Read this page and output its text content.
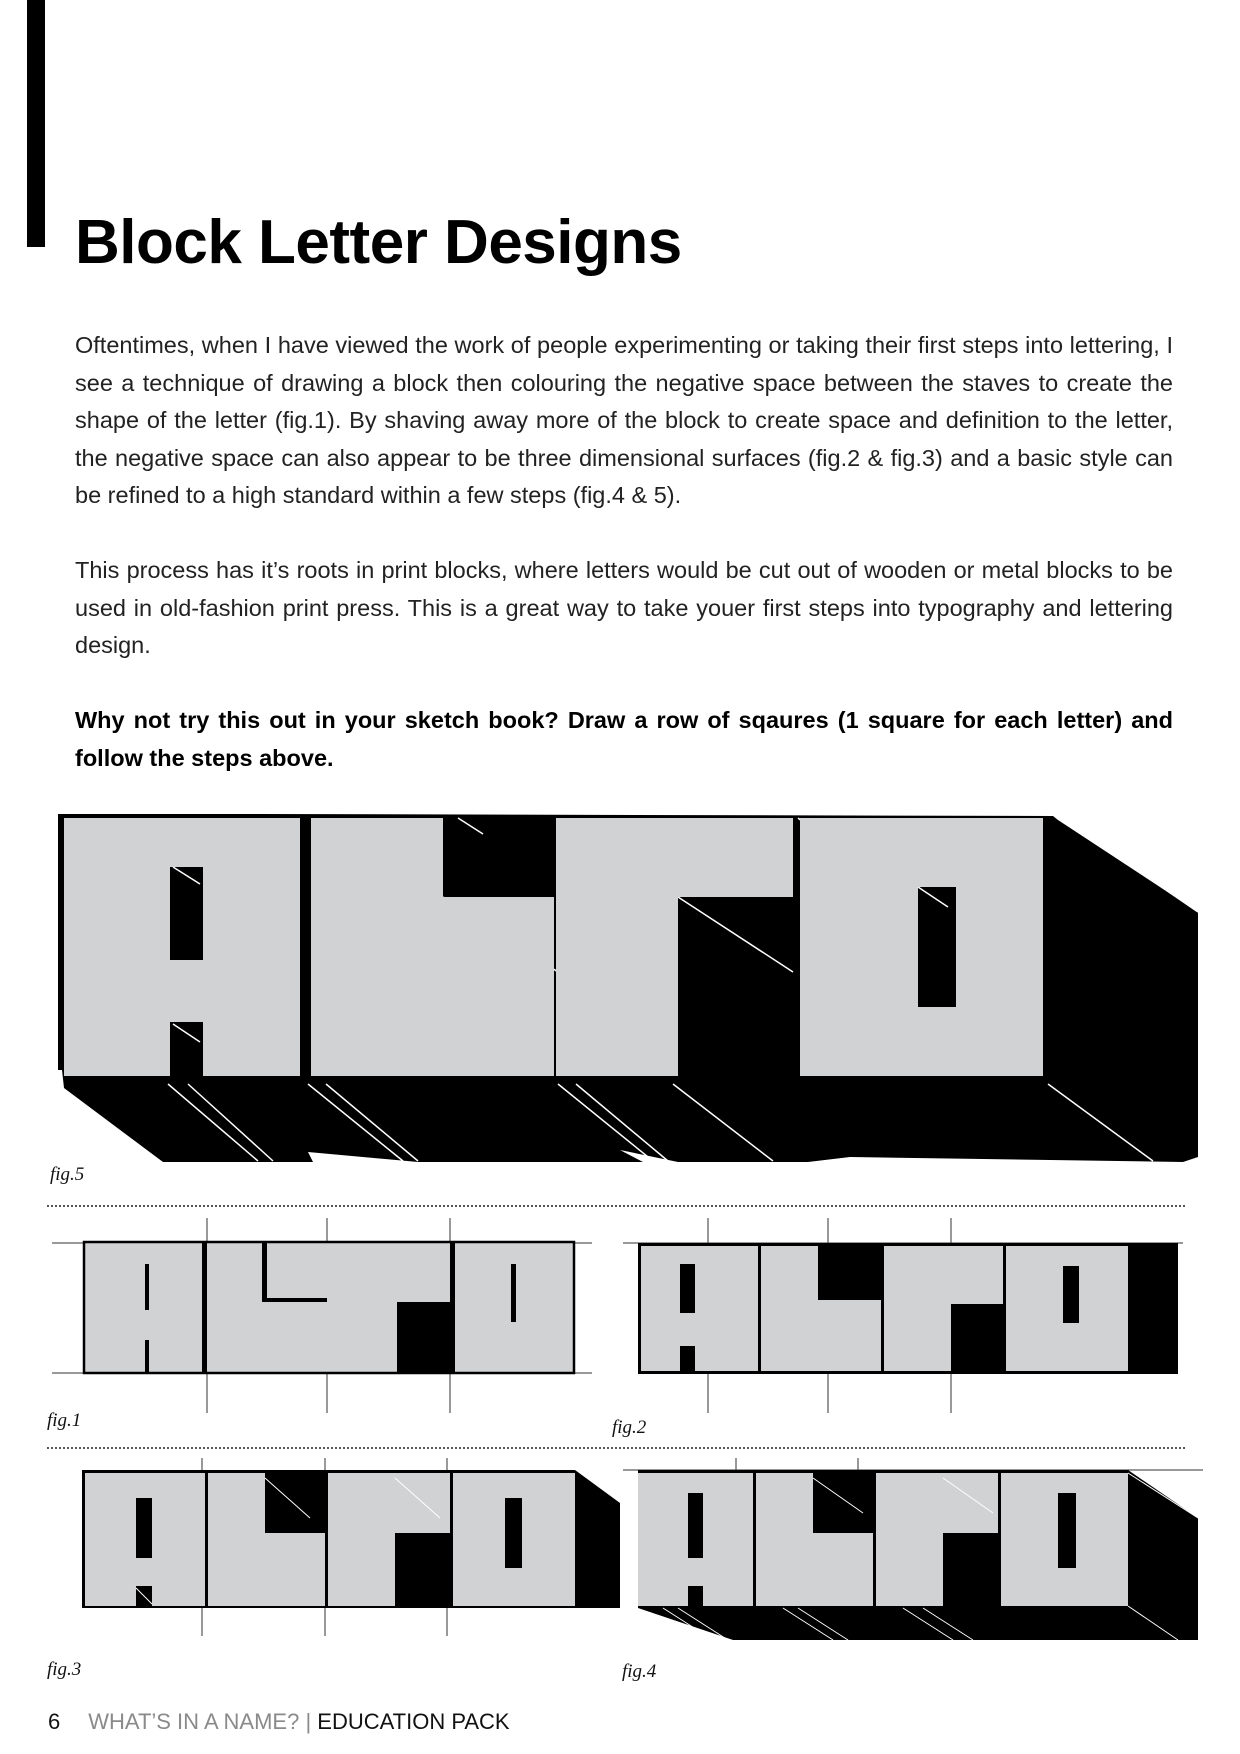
Block Letter Designs

Oftentimes, when I have viewed the work of people experimenting or taking their first steps into lettering, I see a technique of drawing a block then colouring the negative space between the staves to create the shape of the letter (fig.1). By shaving away more of the block to create space and definition to the letter, the negative space can also appear to be three dimensional surfaces (fig.2 & fig.3) and a basic style can be refined to a high standard within a few steps (fig.4 & 5).

This process has it’s roots in print blocks, where letters would be cut out of wooden or metal blocks to be used in old-fashion print press. This is a great way to take youer first steps into typography and lettering design.

Why not try this out in your sketch book? Draw a row of sqaures (1 square for each letter) and follow the steps above.

fig.5
fig.1	fig.2
fig.3	fig.4
6 WHAT’S IN A NAME? | EDUCATION PACK
